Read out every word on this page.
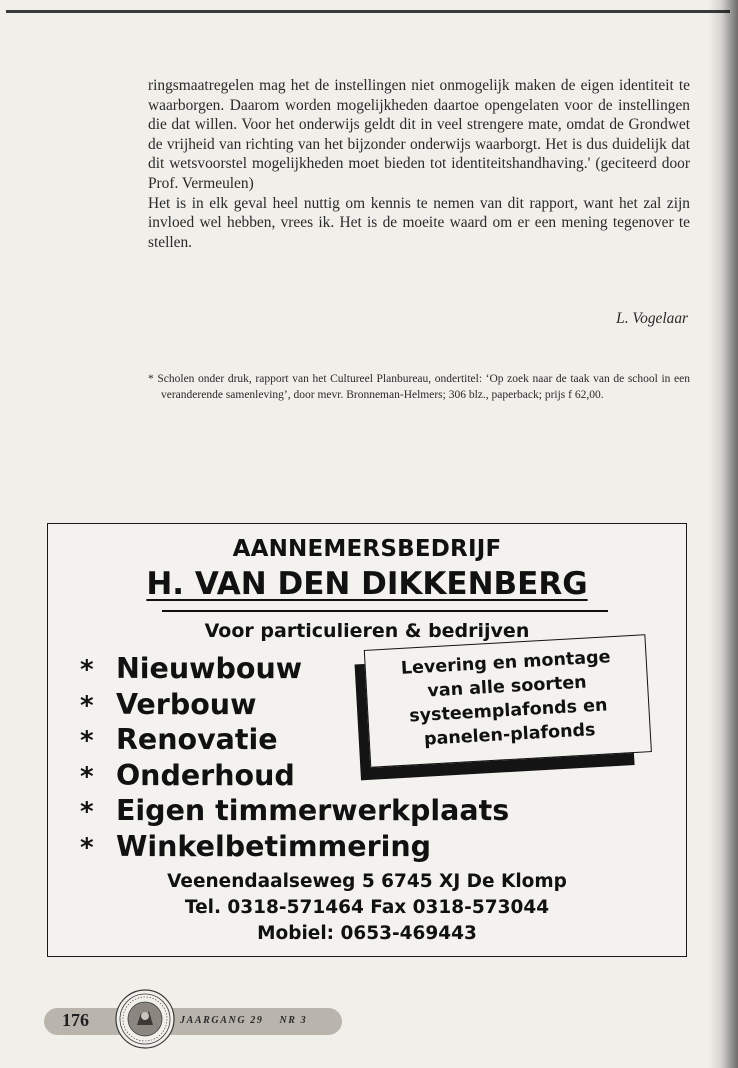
ringsmaatregelen mag het de instellingen niet onmogelijk maken de eigen identiteit te waarborgen. Daarom worden mogelijkheden daartoe opengelaten voor de instellingen die dat willen. Voor het onderwijs geldt dit in veel strengere mate, omdat de Grondwet de vrijheid van richting van het bijzonder onderwijs waarborgt. Het is dus duidelijk dat dit wetsvoorstel mogelijkheden moet bieden tot identiteitshandhaving.' (geciteerd door Prof. Vermeulen)

Het is in elk geval heel nuttig om kennis te nemen van dit rapport, want het zal zijn invloed wel hebben, vrees ik. Het is de moeite waard om er een mening tegenover te stellen.

L. Vogelaar
* Scholen onder druk, rapport van het Cultureel Planbureau, ondertitel: ‘Op zoek naar de taak van de school in een veranderende samenleving’, door mevr. Bronneman-Helmers; 306 blz., paperback; prijs f 62,00.
AANNEMERSBEDRIJF
H. VAN DEN DIKKENBERG
Voor particulieren & bedrijven
* Nieuwbouw
* Verbouw
* Renovatie
* Onderhoud
* Eigen timmerwerkplaats
* Winkelbetimmering
Levering en montage
van alle soorten
systeemplafonds en
panelen-plafonds
Veenendaalseweg 5 6745 XJ De Klomp
Tel. 0318-571464 Fax 0318-573044
Mobiel: 0653-469443
176	JAARGANG 29 NR 3
